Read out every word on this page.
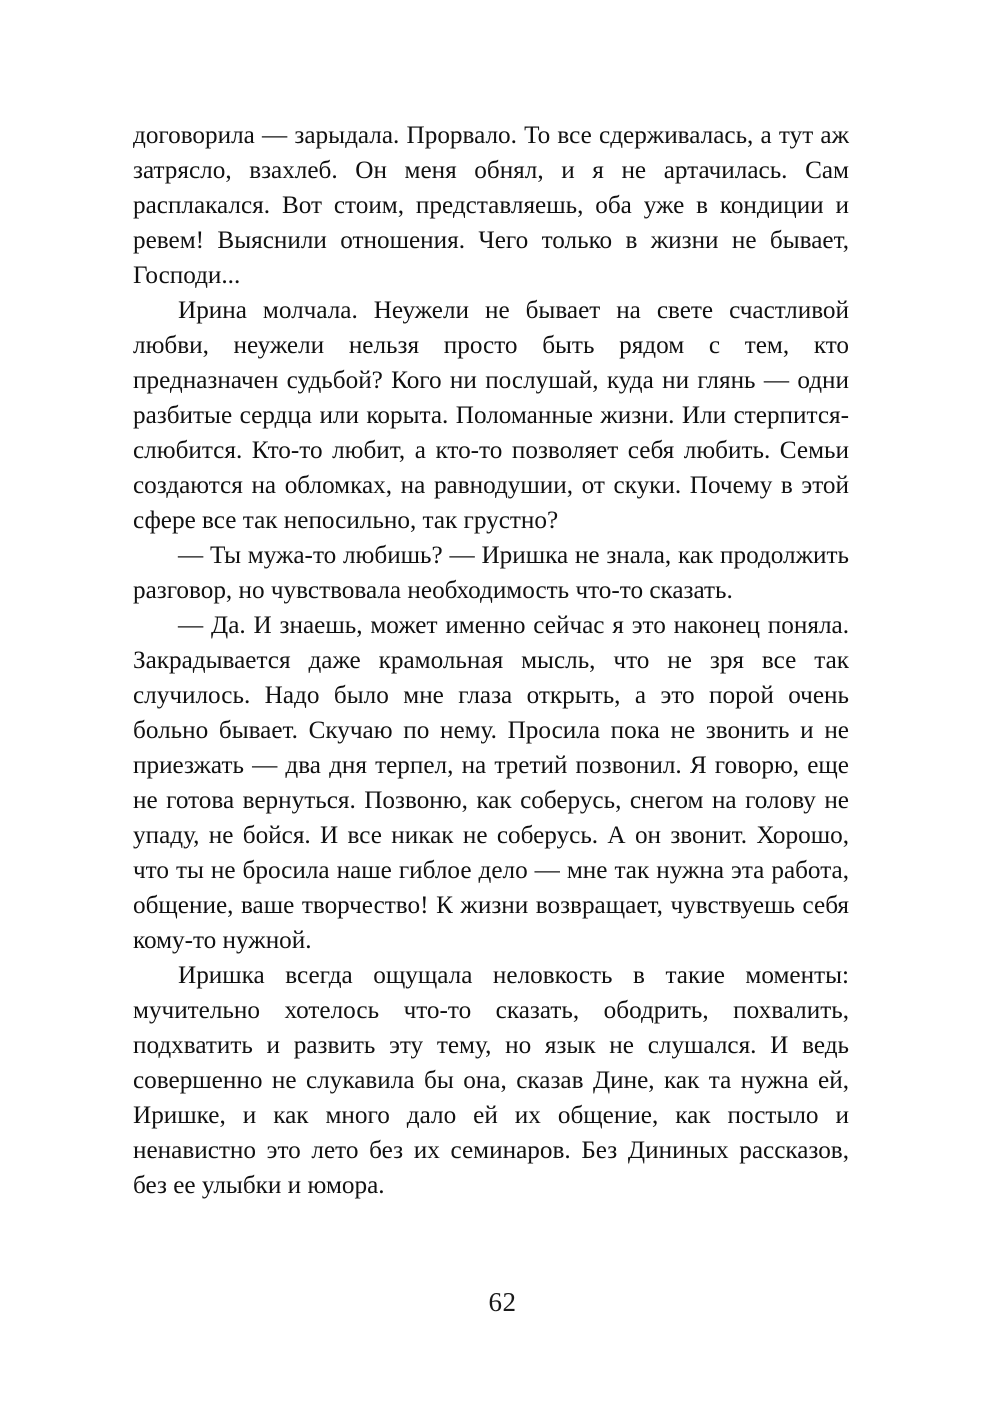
договорила — зарыдала. Прорвало. То все сдерживалась, а тут аж затрясло, взахлеб. Он меня обнял, и я не артачилась. Сам расплакался. Вот стоим, представляешь, оба уже в кондиции и ревем! Выяснили отношения. Чего только в жизни не бывает, Господи...

Ирина молчала. Неужели не бывает на свете счастливой любви, неужели нельзя просто быть рядом с тем, кто предназначен судьбой? Кого ни послушай, куда ни глянь — одни разбитые сердца или корыта. Поломанные жизни. Или стерпится-слюбится. Кто-то любит, а кто-то позволяет себя любить. Семьи создаются на обломках, на равнодушии, от скуки. Почему в этой сфере все так непосильно, так грустно?

— Ты мужа-то любишь? — Иришка не знала, как продолжить разговор, но чувствовала необходимость что-то сказать.

— Да. И знаешь, может именно сейчас я это наконец поняла. Закрадывается даже крамольная мысль, что не зря все так случилось. Надо было мне глаза открыть, а это порой очень больно бывает. Скучаю по нему. Просила пока не звонить и не приезжать — два дня терпел, на третий позвонил. Я говорю, еще не готова вернуться. Позвоню, как соберусь, снегом на голову не упаду, не бойся. И все никак не соберусь. А он звонит. Хорошо, что ты не бросила наше гиблое дело — мне так нужна эта работа, общение, ваше творчество! К жизни возвращает, чувствуешь себя кому-то нужной.

Иришка всегда ощущала неловкость в такие моменты: мучительно хотелось что-то сказать, ободрить, похвалить, подхватить и развить эту тему, но язык не слушался. И ведь совершенно не слукавила бы она, сказав Дине, как та нужна ей, Иришке, и как много дало ей их общение, как постыло и ненавистно это лето без их семинаров. Без Дининых рассказов, без ее улыбки и юмора.

62
